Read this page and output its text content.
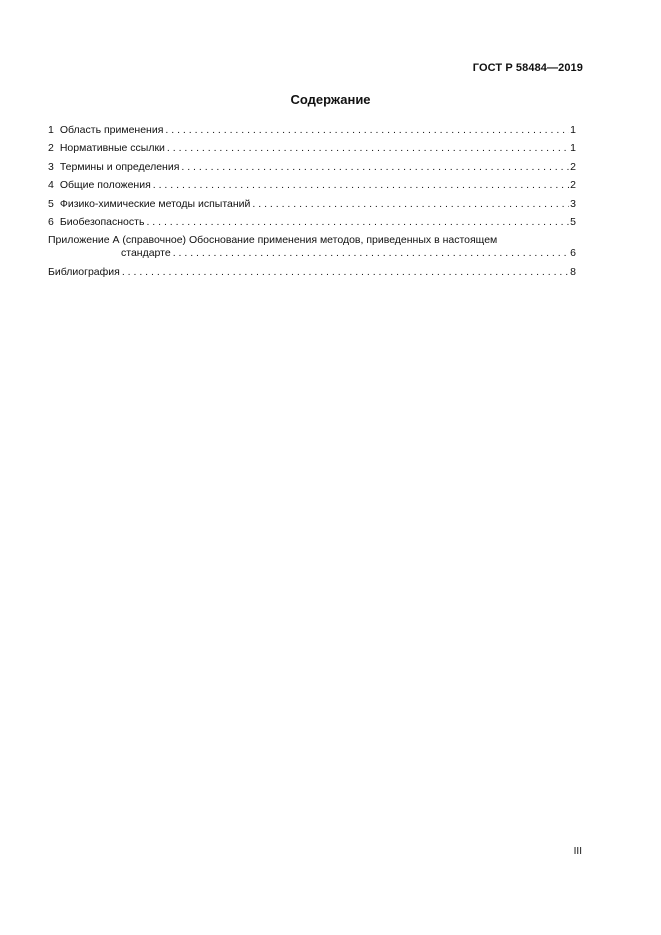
ГОСТ Р 58484—2019
Содержание
1 Область применения . . .	1
2 Нормативные ссылки . . .	1
3 Термины и определения . . .	2
4 Общие положения . . .	2
5 Физико-химические методы испытаний . . .	3
6 Биобезопасность . . .	5
Приложение А (справочное) Обоснование применения методов, приведенных в настоящем
стандарте . . .	6
Библиография . . .	8
III
